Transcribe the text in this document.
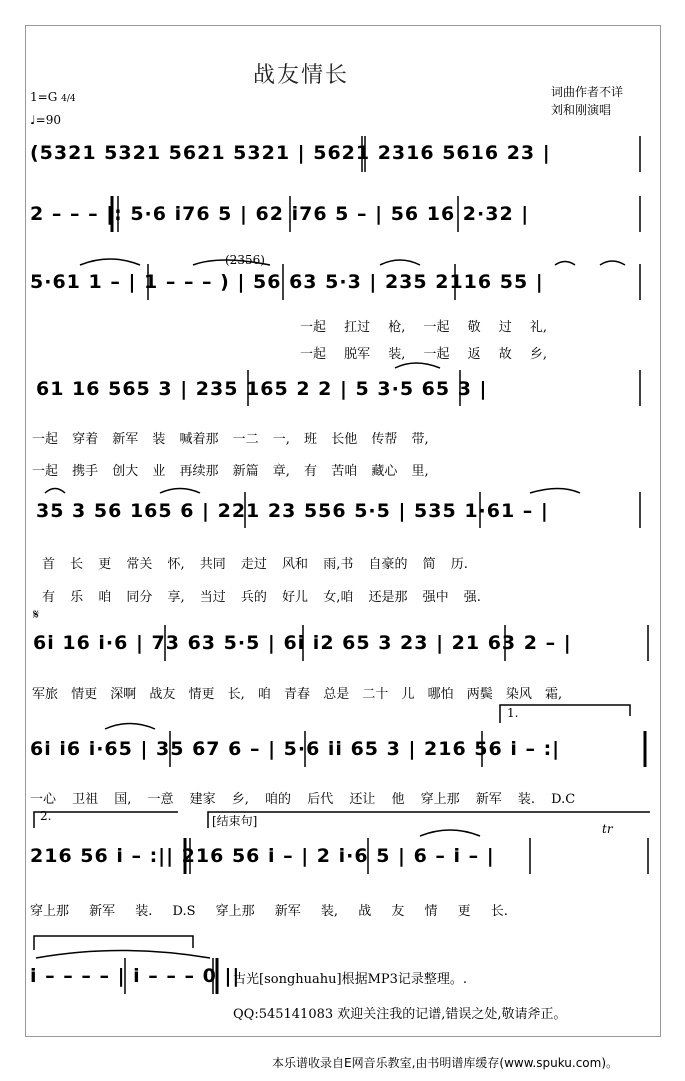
战友情长
1=G 4/4
♩=90
词曲作者不详
刘和刚演唱
(5321 5321 5621 5321 | 5621 2316 5616 23 |
2 – – – |: 5·6 i76 5 | 62 i76 5 – | 56 16 2·32 |
(2356)
5·61 1 – | 1 – – – ) | 56 63 5·3 | 235 2116 55 |
一起 扛过 枪, 一起 敬 过 礼,
一起 脱军 装, 一起 返 故 乡,
61 16 565 3 | 235 165 2 2 | 5 3·5 65 3 |
一起 穿着 新军 装 喊着那 一二 一, 班 长他 传帮 带,
一起 携手 创大 业 再续那 新篇 章, 有 苦咱 藏心 里,
35 3 56 165 6 | 221 23 556 5·5 | 535 1·61 – |
首 长 更 常关 怀, 共同 走过 风和 雨,书 自豪的 简 历.
有 乐 咱 同分 享, 当过 兵的 好儿 女,咱 还是那 强中 强.
𝄋
6i 16 i·6 | 73 63 5·5 | 6i i2 65 3 23 | 21 63 2 – |
军旅 情更 深啊 战友 情更 长, 咱 青春 总是 二十 儿 哪怕 两鬓 染风 霜,
1.
6i i6 i·65 | 35 67 6 – | 5·6 ii 65 3 | 216 56 i – :|
一心 卫祖 国, 一意 建家 乡, 咱的 后代 还让 他 穿上那 新军 装. D.C
2.	[结束句]
tr
216 56 i – :|| 216 56 i – | 2 i·6 5 | 6 – i – |
穿上那 新军 装. D.S 穿上那 新军 装, 战 友 情 更 长.
i – – – – | i – – – 0 ||
古光[songhuahu]根据MP3记录整理。.
QQ:545141083 欢迎关注我的记谱,错误之处,敬请斧正。
本乐谱收录自E网音乐教室,由书明谱库缓存(www.spuku.com)。
